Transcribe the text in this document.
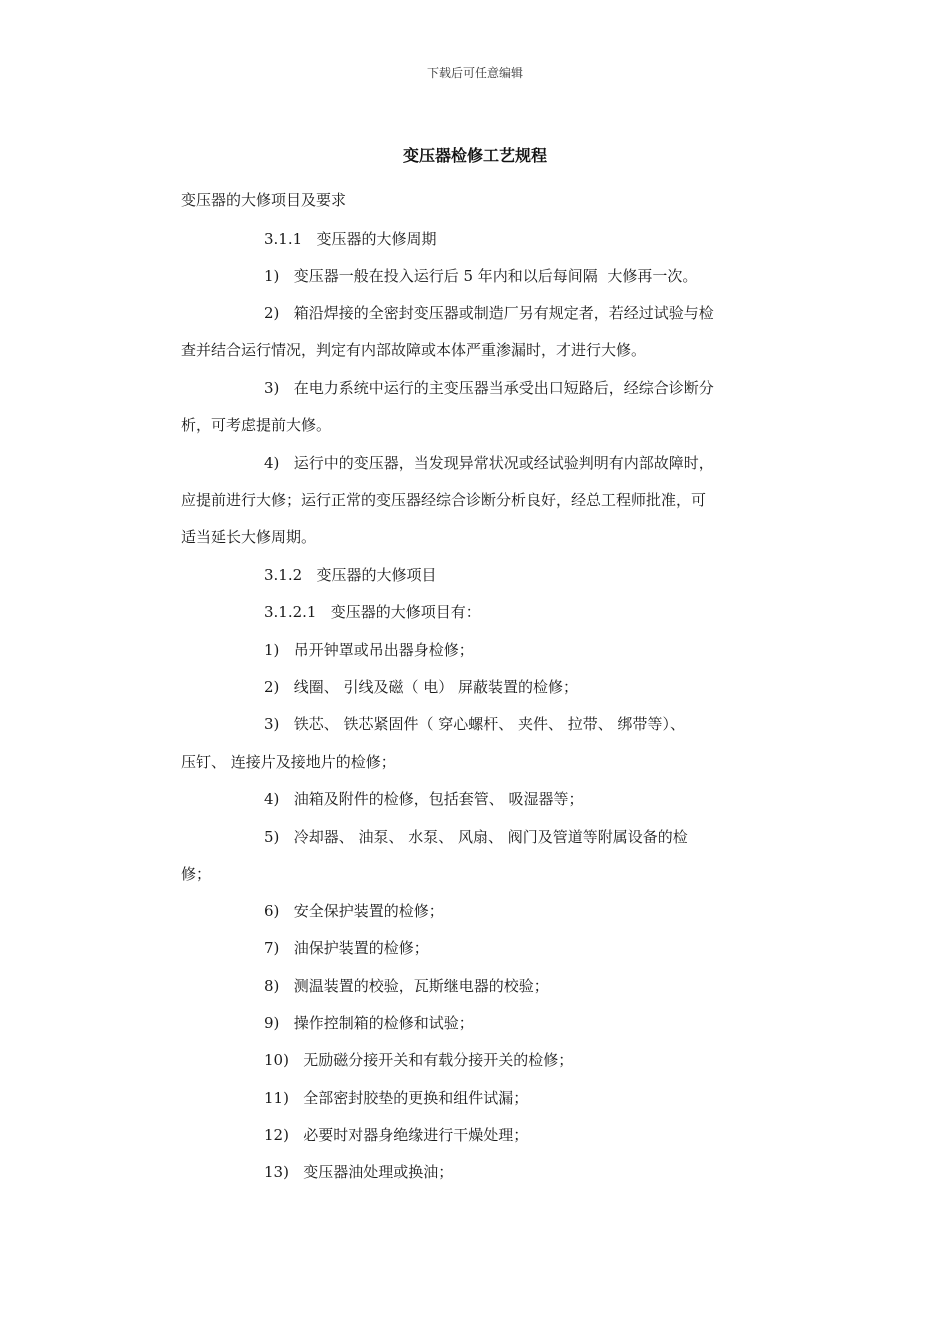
下载后可任意编辑
变压器检修工艺规程
变压器的大修项目及要求
3.1.1   变压器的大修周期
1)   变压器一般在投入运行后 5 年内和以后每间隔  大修再一次。
2)   箱沿焊接的全密封变压器或制造厂另有规定者，若经过试验与检
查并结合运行情况，判定有内部故障或本体严重渗漏时，才进行大修。
3)   在电力系统中运行的主变压器当承受出口短路后，经综合诊断分
析，可考虑提前大修。
4)   运行中的变压器，当发现异常状况或经试验判明有内部故障时，
应提前进行大修；运行正常的变压器经综合诊断分析良好，经总工程师批准，可
适当延长大修周期。
3.1.2   变压器的大修项目
3.1.2.1   变压器的大修项目有：
1)   吊开钟罩或吊出器身检修；
2)   线圈、 引线及磁（ 电） 屏蔽装置的检修；
3)   铁芯、 铁芯紧固件（ 穿心螺杆、 夹件、 拉带、 绑带等）、
压钉、 连接片及接地片的检修；
4)   油箱及附件的检修，包括套管、 吸湿器等；
5)   冷却器、 油泵、 水泵、 风扇、 阀门及管道等附属设备的检
修；
6)   安全保护装置的检修；
7)   油保护装置的检修；
8)   测温装置的校验，瓦斯继电器的校验；
9)   操作控制箱的检修和试验；
10)   无励磁分接开关和有载分接开关的检修；
11)   全部密封胶垫的更换和组件试漏；
12)   必要时对器身绝缘进行干燥处理；
13)   变压器油处理或换油；
